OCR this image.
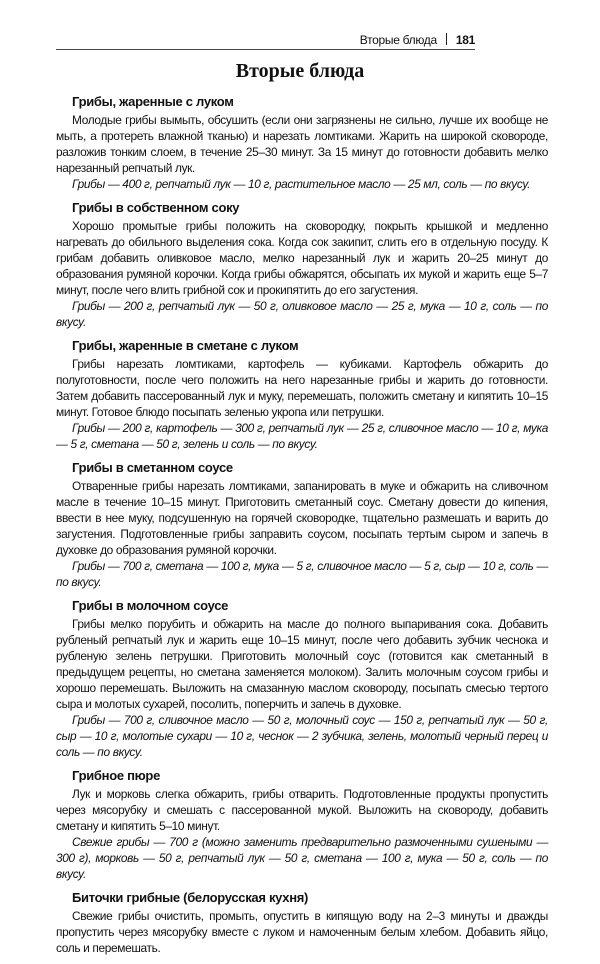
Вторые блюда 181
Вторые блюда
Грибы, жаренные с луком

Молодые грибы вымыть, обсушить (если они загрязнены не сильно, лучше их вообще не мыть, а протереть влажной тканью) и нарезать ломтиками. Жарить на широкой сковороде, разложив тонким слоем, в течение 25–30 минут. За 15 минут до готовности добавить мелко нарезанный репчатый лук.

Грибы — 400 г, репчатый лук — 10 г, растительное масло — 25 мл, соль — по вкусу.

Грибы в собственном соку

Хорошо промытые грибы положить на сковородку, покрыть крышкой и медленно нагревать до обильного выделения сока. Когда сок закипит, слить его в отдельную посуду. К грибам добавить оливковое масло, мелко нарезанный лук и жарить 20–25 минут до образования румяной корочки. Когда грибы обжарятся, обсыпать их мукой и жарить еще 5–7 минут, после чего влить грибной сок и прокипятить до его загустения.

Грибы — 200 г, репчатый лук — 50 г, оливковое масло — 25 г, мука — 10 г, соль — по вкусу.

Грибы, жаренные в сметане с луком

Грибы нарезать ломтиками, картофель — кубиками. Картофель обжарить до полуготовности, после чего положить на него нарезанные грибы и жарить до готовности. Затем добавить пассерованный лук и муку, перемешать, положить сметану и кипятить 10–15 минут. Готовое блюдо посыпать зеленью укропа или петрушки.

Грибы — 200 г, картофель — 300 г, репчатый лук — 25 г, сливочное масло — 10 г, мука — 5 г, сметана — 50 г, зелень и соль — по вкусу.

Грибы в сметанном соусе

Отваренные грибы нарезать ломтиками, запанировать в муке и обжарить на сливочном масле в течение 10–15 минут. Приготовить сметанный соус. Сметану довести до кипения, ввести в нее муку, подсушенную на горячей сковородке, тщательно размешать и варить до загустения. Подготовленные грибы заправить соусом, посыпать тертым сыром и запечь в духовке до образования румяной корочки.

Грибы — 700 г, сметана — 100 г, мука — 5 г, сливочное масло — 5 г, сыр — 10 г, соль — по вкусу.

Грибы в молочном соусе

Грибы мелко порубить и обжарить на масле до полного выпаривания сока. Добавить рубленый репчатый лук и жарить еще 10–15 минут, после чего добавить зубчик чеснока и рубленую зелень петрушки. Приготовить молочный соус (готовится как сметанный в предыдущем рецепты, но сметана заменяется молоком). Залить молочным соусом грибы и хорошо перемешать. Выложить на смазанную маслом сковороду, посыпать смесью тертого сыра и молотых сухарей, посолить, поперчить и запечь в духовке.

Грибы — 700 г, сливочное масло — 50 г, молочный соус — 150 г, репчатый лук — 50 г, сыр — 10 г, молотые сухари — 10 г, чеснок — 2 зубчика, зелень, молотый черный перец и соль — по вкусу.

Грибное пюре

Лук и морковь слегка обжарить, грибы отварить. Подготовленные продукты пропустить через мясорубку и смешать с пассерованной мукой. Выложить на сковороду, добавить сметану и кипятить 5–10 минут.

Свежие грибы — 700 г (можно заменить предварительно размоченными сушеными — 300 г), морковь — 50 г, репчатый лук — 50 г, сметана — 100 г, мука — 50 г, соль — по вкусу.

Биточки грибные (белорусская кухня)

Свежие грибы очистить, промыть, опустить в кипящую воду на 2–3 минуты и дважды пропустить через мясорубку вместе с луком и намоченным белым хлебом. Добавить яйцо, соль и перемешать.
